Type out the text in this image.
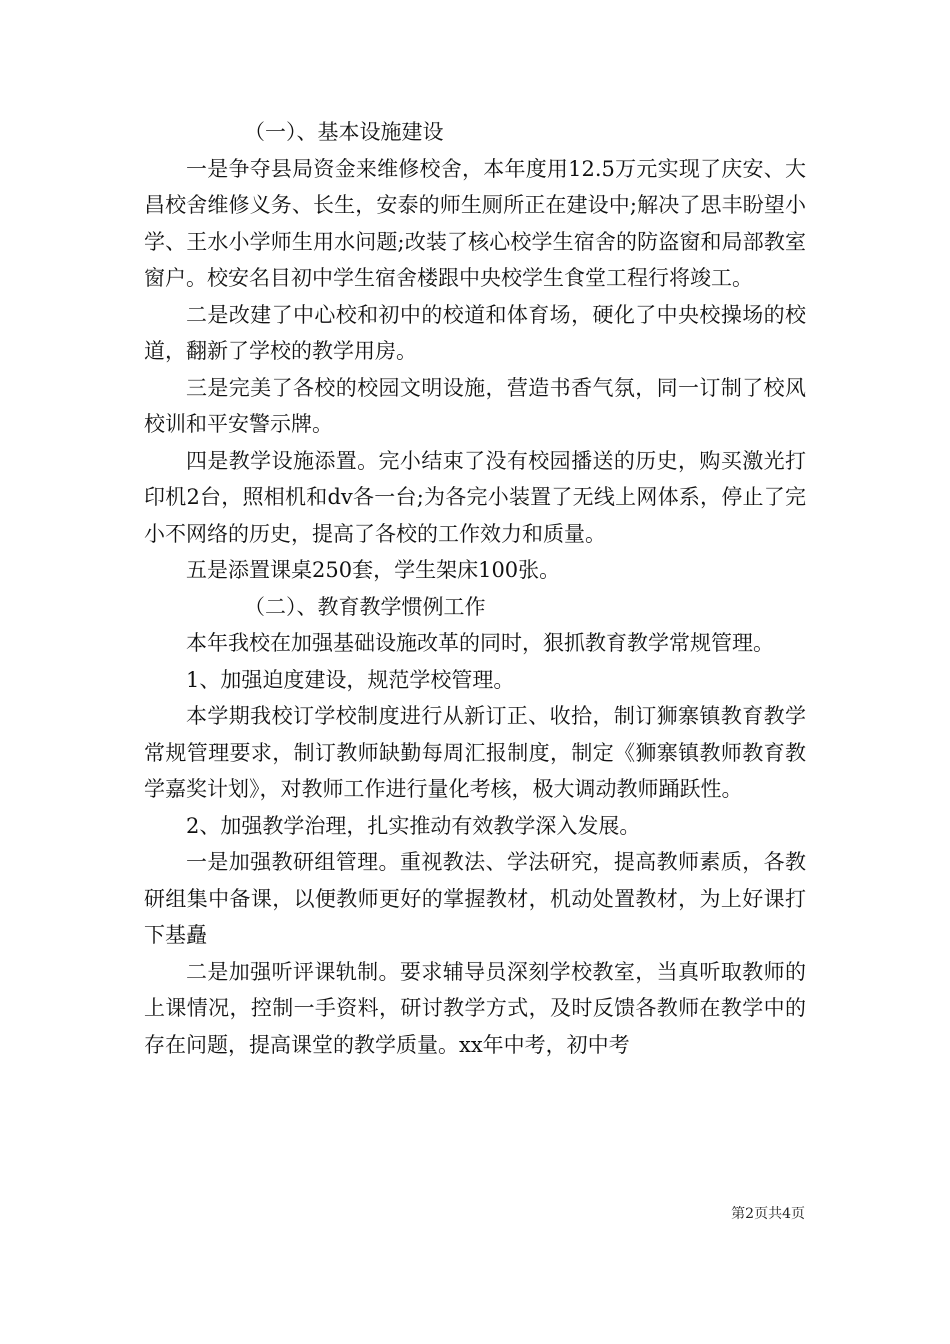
（一）、基本设施建设

一是争夺县局资金来维修校舍，本年度用12.5万元实现了庆安、大昌校舍维修义务、长生，安泰的师生厕所正在建设中;解决了思丰盼望小学、王水小学师生用水问题;改装了核心校学生宿舍的防盗窗和局部教室窗户。校安名目初中学生宿舍楼跟中央校学生食堂工程行将竣工。

二是改建了中心校和初中的校道和体育场，硬化了中央校操场的校道，翻新了学校的教学用房。

三是完美了各校的校园文明设施，营造书香气氛，同一订制了校风校训和平安警示牌。

四是教学设施添置。完小结束了没有校园播送的历史，购买激光打印机2台，照相机和dv各一台;为各完小装置了无线上网体系，停止了完小不网络的历史，提高了各校的工作效力和质量。

五是添置课桌250套，学生架床100张。

（二）、教育教学惯例工作

本年我校在加强基础设施改革的同时，狠抓教育教学常规管理。

1、加强迫度建设，规范学校管理。

本学期我校订学校制度进行从新订正、收拾，制订狮寨镇教育教学常规管理要求，制订教师缺勤每周汇报制度，制定《狮寨镇教师教育教学嘉奖计划》，对教师工作进行量化考核，极大调动教师踊跃性。

2、加强教学治理，扎实推动有效教学深入发展。

一是加强教研组管理。重视教法、学法研究，提高教师素质，各教研组集中备课，以便教师更好的掌握教材，机动处置教材，为上好课打下基矗

二是加强听评课轨制。要求辅导员深刻学校教室，当真听取教师的上课情况，控制一手资料，研讨教学方式，及时反馈各教师在教学中的存在问题，提高课堂的教学质量。xx年中考，初中考

第2页共4页
